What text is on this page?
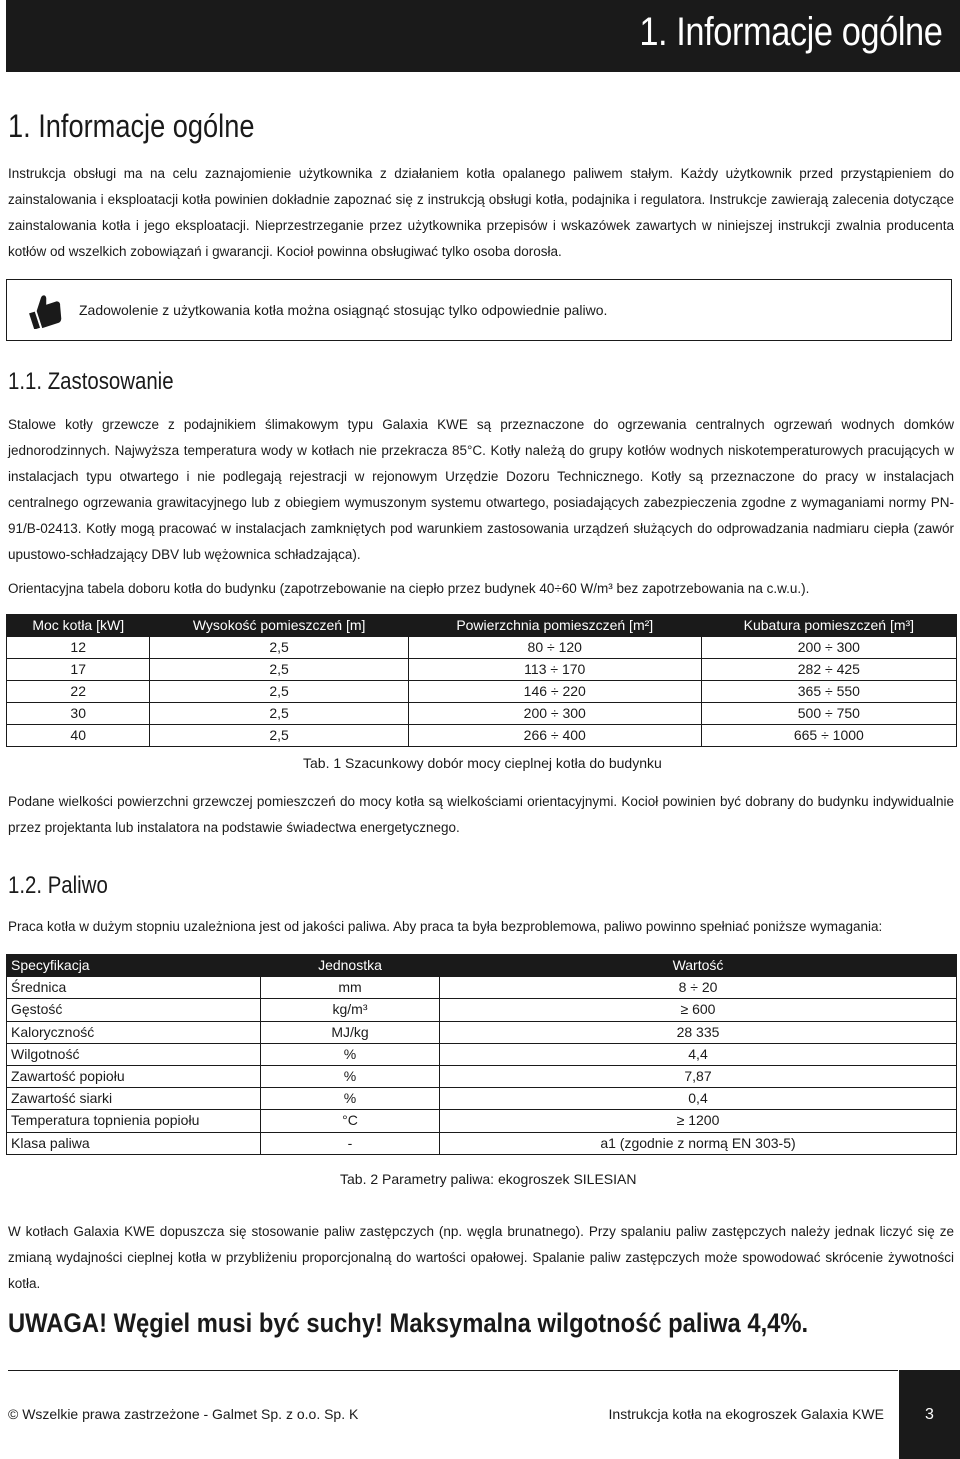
1. Informacje ogólne
1. Informacje ogólne

Instrukcja obsługi ma na celu zaznajomienie użytkownika z działaniem kotła opalanego paliwem stałym. Każdy użytkownik przed przystąpieniem do zainstalowania i eksploatacji kotła powinien dokładnie zapoznać się z instrukcją obsługi kotła, podajnika i regulatora. Instrukcje zawierają zalecenia dotyczące zainstalowania kotła i jego eksploatacji. Nieprzestrzeganie przez użytkownika przepisów i wskazówek zawartych w niniejszej instrukcji zwalnia producenta kotłów od wszelkich zobowiązań i gwarancji. Kocioł powinna obsługiwać tylko osoba dorosła.

Zadowolenie z użytkowania kotła można osiągnąć stosując tylko odpowiednie paliwo.
1.1. Zastosowanie

Stalowe kotły grzewcze z podajnikiem ślimakowym typu Galaxia KWE są przeznaczone do ogrzewania centralnych ogrzewań wodnych domków jednorodzinnych. Najwyższa temperatura wody w kotłach nie przekracza 85°C. Kotły należą do grupy kotłów wodnych niskotemperaturowych pracujących w instalacjach typu otwartego i nie podlegają rejestracji w rejonowym Urzędzie Dozoru Technicznego. Kotły są przeznaczone do pracy w instalacjach centralnego ogrzewania grawitacyjnego lub z obiegiem wymuszonym systemu otwartego, posiadających zabezpieczenia zgodne z wymaganiami normy PN-91/B-02413. Kotły mogą pracować w instalacjach zamkniętych pod warunkiem zastosowania urządzeń służących do odprowadzania nadmiaru ciepła (zawór upustowo-schładzający DBV lub wężownica schładzająca).

Orientacyjna tabela doboru kotła do budynku (zapotrzebowanie na ciepło przez budynek 40÷60 W/m³ bez zapotrzebowania na c.w.u.).

Moc kotła [kW]	Wysokość pomieszczeń [m]	Powierzchnia pomieszczeń [m²]	Kubatura pomieszczeń [m³]
12	2,5	80 ÷ 120	200 ÷ 300
17	2,5	113 ÷ 170	282 ÷ 425
22	2,5	146 ÷ 220	365 ÷ 550
30	2,5	200 ÷ 300	500 ÷ 750
40	2,5	266 ÷ 400	665 ÷ 1000
Tab. 1 Szacunkowy dobór mocy cieplnej kotła do budynku

Podane wielkości powierzchni grzewczej pomieszczeń do mocy kotła są wielkościami orientacyjnymi. Kocioł powinien być dobrany do budynku indywidualnie przez projektanta lub instalatora na podstawie świadectwa energetycznego.

1.2. Paliwo

Praca kotła w dużym stopniu uzależniona jest od jakości paliwa. Aby praca ta była bezproblemowa, paliwo powinno spełniać poniższe wymagania:

Specyfikacja	Jednostka	Wartość
Średnica	mm	8 ÷ 20
Gęstość	kg/m³	≥ 600
Kaloryczność	MJ/kg	28 335
Wilgotność	%	4,4
Zawartość popiołu	%	7,87
Zawartość siarki	%	0,4
Temperatura topnienia popiołu	°C	≥ 1200
Klasa paliwa	-	a1 (zgodnie z normą EN 303-5)
Tab. 2 Parametry paliwa: ekogroszek SILESIAN

W kotłach Galaxia KWE dopuszcza się stosowanie paliw zastępczych (np. węgla brunatnego). Przy spalaniu paliw zastępczych należy jednak liczyć się ze zmianą wydajności cieplnej kotła w przybliżeniu proporcjonalną do wartości opałowej. Spalanie paliw zastępczych może spowodować skrócenie żywotności kotła.

UWAGA! Węgiel musi być suchy! Maksymalna wilgotność paliwa 4,4%.
© Wszelkie prawa zastrzeżone - Galmet Sp. z o.o. Sp. K	Instrukcja kotła na ekogroszek Galaxia KWE	3
